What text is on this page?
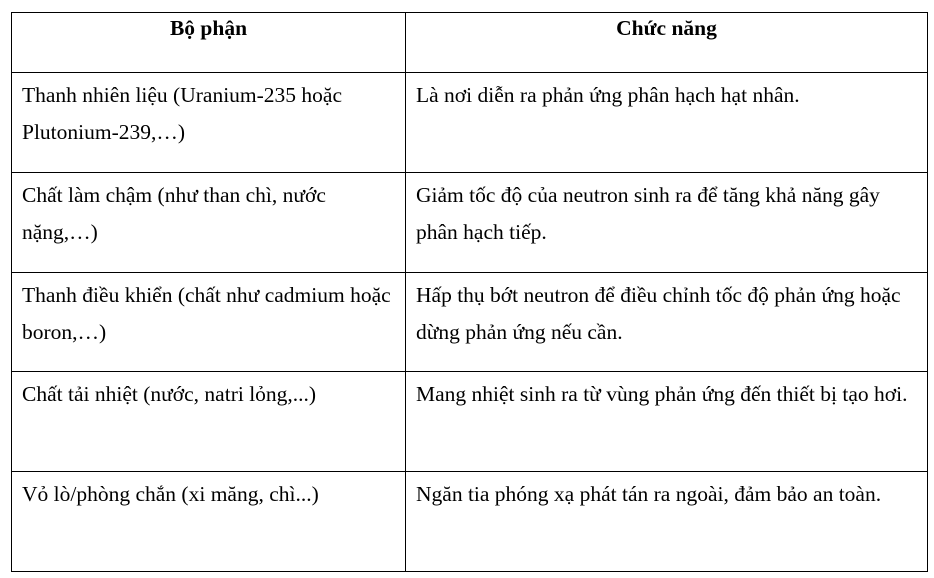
Bộ phận	Chức năng
Thanh nhiên liệu (Uranium-235 hoặc Plutonium-239,…)	Là nơi diễn ra phản ứng phân hạch hạt nhân.
Chất làm chậm (như than chì, nước nặng,…)	Giảm tốc độ của neutron sinh ra để tăng khả năng gây phân hạch tiếp.
Thanh điều khiển (chất như cadmium hoặc boron,…)	Hấp thụ bớt neutron để điều chỉnh tốc độ phản ứng hoặc dừng phản ứng nếu cần.
Chất tải nhiệt (nước, natri lỏng,...)	Mang nhiệt sinh ra từ vùng phản ứng đến thiết bị tạo hơi.
Vỏ lò/phòng chắn (xi măng, chì...)	Ngăn tia phóng xạ phát tán ra ngoài, đảm bảo an toàn.
